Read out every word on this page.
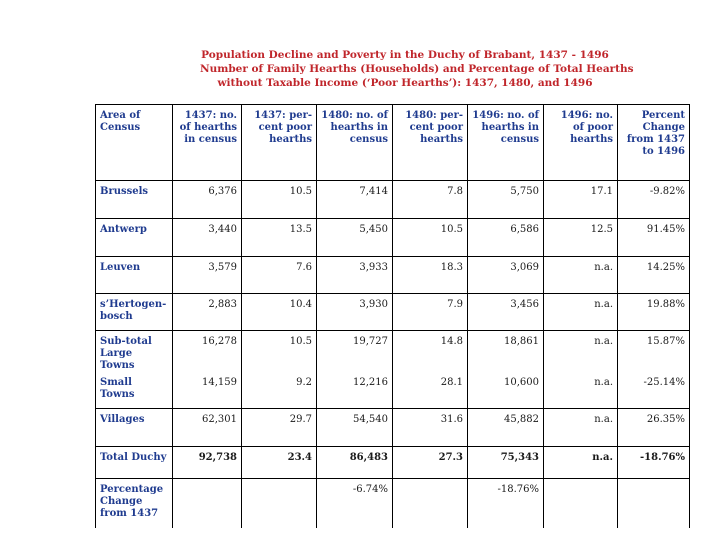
Population Decline and Poverty in the Duchy of Brabant, 1437 - 1496
Number of Family Hearths (Households) and Percentage of Total Hearths
without Taxable Income (‘Poor Hearths’): 1437, 1480, and 1496
Area of Census	1437: no. of hearths in census	1437: per-cent poor hearths	1480: no. of hearths in census	1480: per-cent poor hearths	1496: no. of hearths in census	1496: no. of poor hearths	Percent Change from 1437 to 1496
Brussels	6,376	10.5	7,414	7.8	5,750	17.1	-9.82%
Antwerp	3,440	13.5	5,450	10.5	6,586	12.5	91.45%
Leuven	3,579	7.6	3,933	18.3	3,069	n.a.	14.25%
s’Hertogen-bosch	2,883	10.4	3,930	7.9	3,456	n.a.	19.88%
Sub-total Large Towns	16,278	10.5	19,727	14.8	18,861	n.a.	15.87%
Small Towns	14,159	9.2	12,216	28.1	10,600	n.a.	-25.14%
Villages	62,301	29.7	54,540	31.6	45,882	n.a.	26.35%
Total Duchy	92,738	23.4	86,483	27.3	75,343	n.a.	-18.76%
Percentage Change from 1437			-6.74%		-18.76%		
